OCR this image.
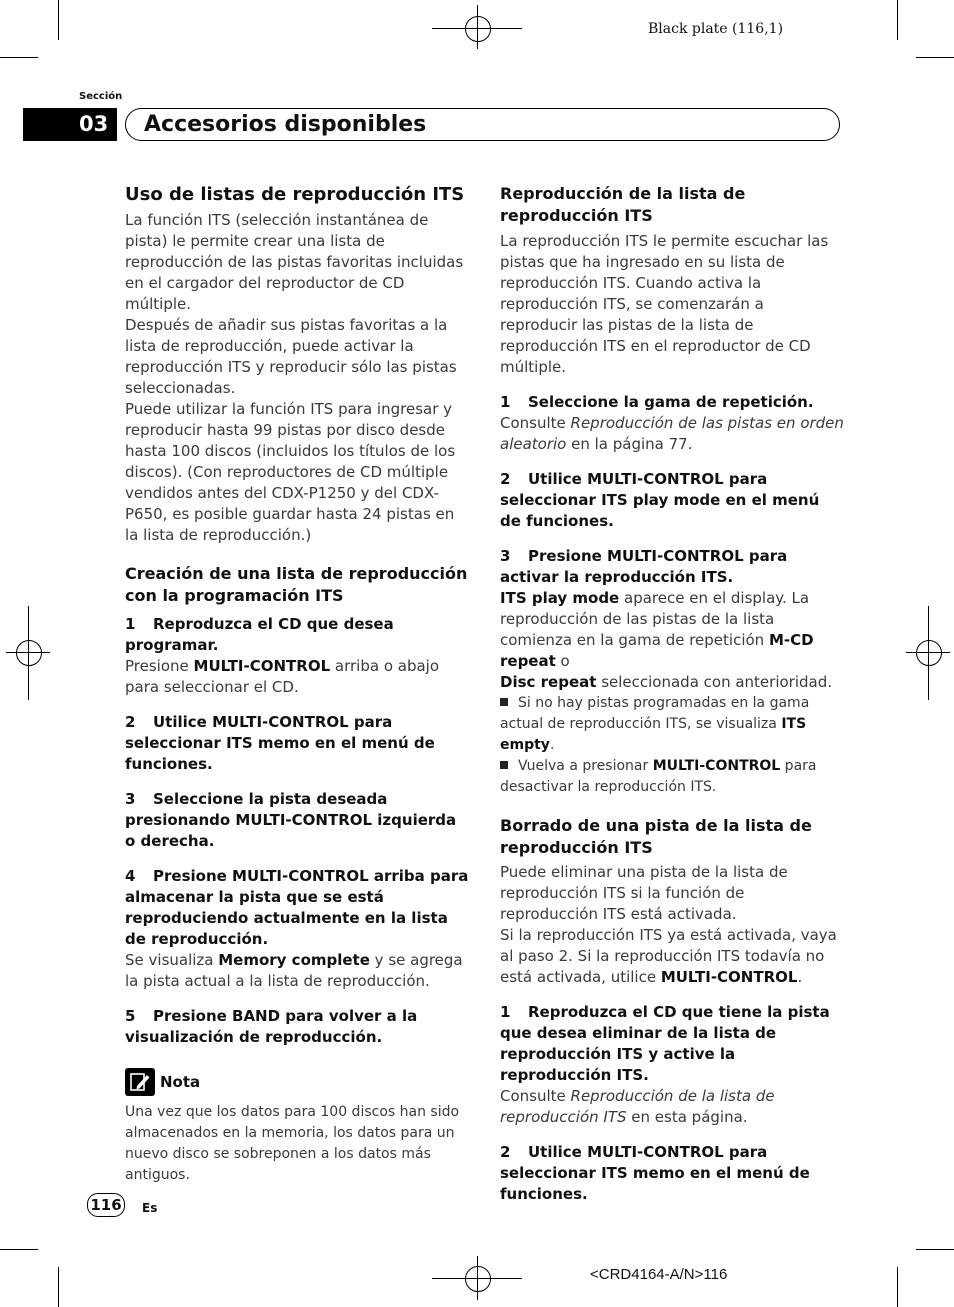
Black plate (116,1)
<CRD4164-A/N>116
Sección
03	Accesorios disponibles

Uso de listas de reproducción ITS

La función ITS (selección instantánea de pista) le permite crear una lista de reproducción de las pistas favoritas incluidas en el cargador del reproductor de CD múltiple.

Después de añadir sus pistas favoritas a la lista de reproducción, puede activar la reproducción ITS y reproducir sólo las pistas seleccionadas.

Puede utilizar la función ITS para ingresar y reproducir hasta 99 pistas por disco desde hasta 100 discos (incluidos los títulos de los discos). (Con reproductores de CD múltiple vendidos antes del CDX-P1250 y del CDX-P650, es posible guardar hasta 24 pistas en la lista de reproducción.)

Creación de una lista de reproducción con la programación ITS

1 Reproduzca el CD que desea programar.

Presione MULTI-CONTROL arriba o abajo para seleccionar el CD.

2 Utilice MULTI-CONTROL para seleccionar ITS memo en el menú de funciones.

3 Seleccione la pista deseada presionando MULTI-CONTROL izquierda o derecha.

4 Presione MULTI-CONTROL arriba para almacenar la pista que se está reproduciendo actualmente en la lista de reproducción.

Se visualiza Memory complete y se agrega la pista actual a la lista de reproducción.

5 Presione BAND para volver a la visualización de reproducción.

Nota

Una vez que los datos para 100 discos han sido almacenados en la memoria, los datos para un nuevo disco se sobreponen a los datos más antiguos.

Reproducción de la lista de reproducción ITS

La reproducción ITS le permite escuchar las pistas que ha ingresado en su lista de reproducción ITS. Cuando activa la reproducción ITS, se comenzarán a reproducir las pistas de la lista de reproducción ITS en el reproductor de CD múltiple.

1 Seleccione la gama de repetición.

Consulte Reproducción de las pistas en orden aleatorio en la página 77.

2 Utilice MULTI-CONTROL para seleccionar ITS play mode en el menú de funciones.

3 Presione MULTI-CONTROL para activar la reproducción ITS.

ITS play mode aparece en el display. La reproducción de las pistas de la lista comienza en la gama de repetición M-CD repeat o
Disc repeat seleccionada con anterioridad.

Si no hay pistas programadas en la gama actual de reproducción ITS, se visualiza ITS empty.

Vuelva a presionar MULTI-CONTROL para desactivar la reproducción ITS.

Borrado de una pista de la lista de reproducción ITS

Puede eliminar una pista de la lista de reproducción ITS si la función de reproducción ITS está activada.

Si la reproducción ITS ya está activada, vaya al paso 2. Si la reproducción ITS todavía no está activada, utilice MULTI-CONTROL.

1 Reproduzca el CD que tiene la pista que desea eliminar de la lista de reproducción ITS y active la reproducción ITS.

Consulte Reproducción de la lista de reproducción ITS en esta página.

2 Utilice MULTI-CONTROL para seleccionar ITS memo en el menú de funciones.

116 Es
